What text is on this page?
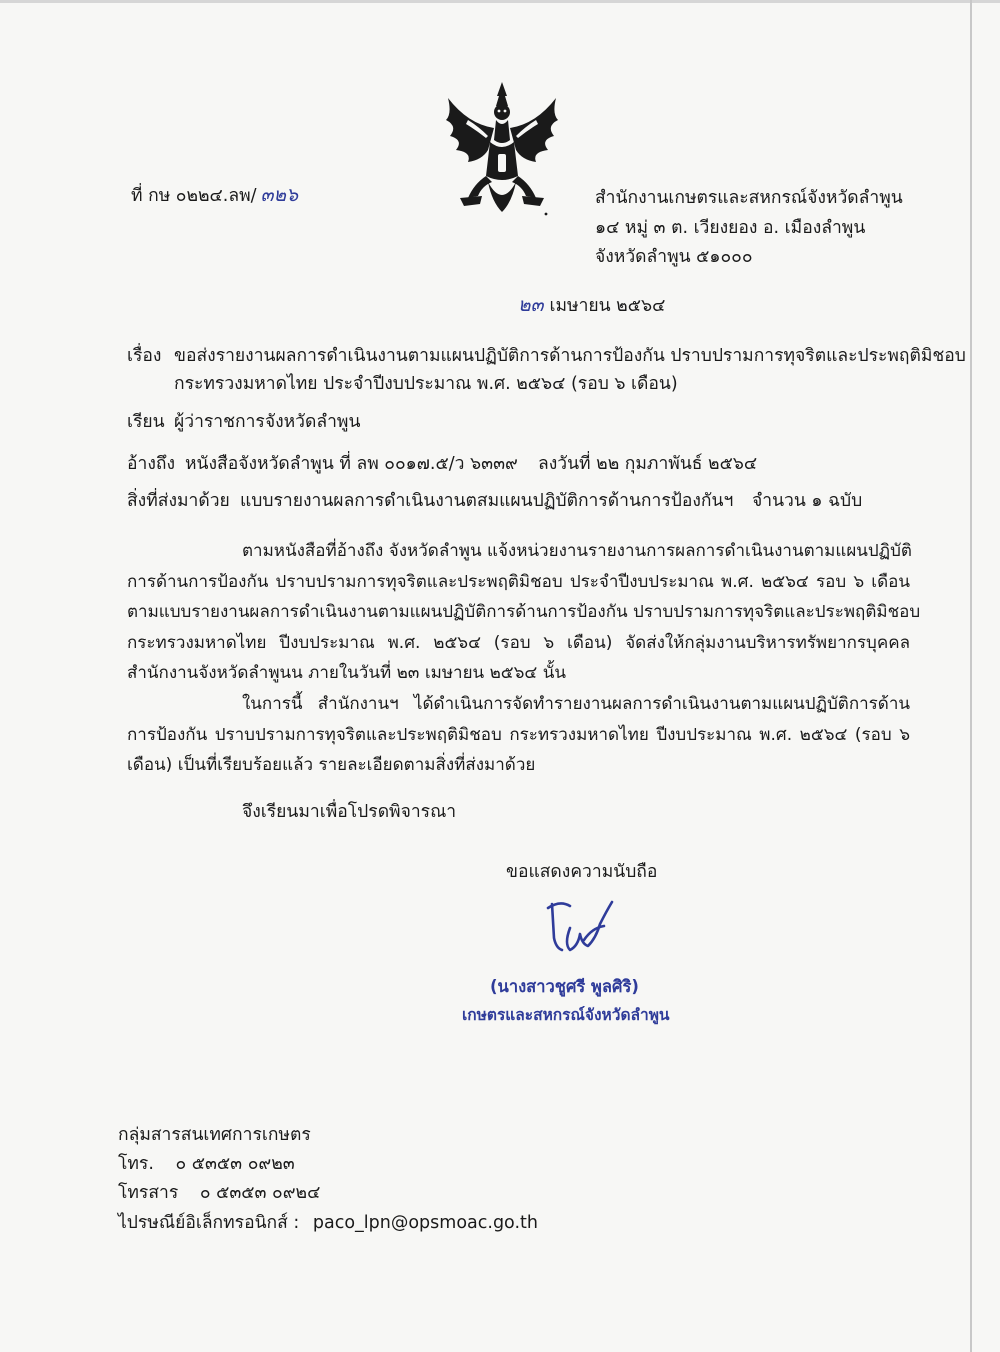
ที่ กษ ๐๒๒๔.ลพ/ ๓๒๖	สำนักงานเกษตรและสหกรณ์จังหวัดลำพูน
๑๔ หมู่ ๓ ต. เวียงยอง อ. เมืองลำพูน
จังหวัดลำพูน ๕๑๐๐๐
๒๓ เมษายน ๒๕๖๔
เรื่อง ขอส่งรายงานผลการดำเนินงานตามแผนปฏิบัติการด้านการป้องกัน ปราบปรามการทุจริตและประพฤติมิชอบ
กระทรวงมหาดไทย ประจำปีงบประมาณ พ.ศ. ๒๕๖๔ (รอบ ๖ เดือน)
เรียน ผู้ว่าราชการจังหวัดลำพูน
อ้างถึง หนังสือจังหวัดลำพูน ที่ ลพ ๐๐๑๗.๕/ว ๖๓๓๙ ลงวันที่ ๒๒ กุมภาพันธ์ ๒๕๖๔
สิ่งที่ส่งมาด้วย แบบรายงานผลการดำเนินงานตสมแผนปฏิบัติการด้านการป้องกันฯ จำนวน ๑ ฉบับ
ตามหนังสือที่อ้างถึง จังหวัดลำพูน แจ้งหน่วยงานรายงานการผลการดำเนินงานตามแผนปฏิบัติ
การด้านการป้องกัน ปราบปรามการทุจริตและประพฤติมิชอบ ประจำปีงบประมาณ พ.ศ. ๒๕๖๔ รอบ ๖ เดือน
ตามแบบรายงานผลการดำเนินงานตามแผนปฏิบัติการด้านการป้องกัน ปราบปรามการทุจริตและประพฤติมิชอบ
กระทรวงมหาดไทย ปีงบประมาณ พ.ศ. ๒๕๖๔ (รอบ ๖ เดือน) จัดส่งให้กลุ่มงานบริหารทรัพยากรบุคคล
สำนักงานจังหวัดลำพูนน ภายในวันที่ ๒๓ เมษายน ๒๕๖๔ นั้น
ในการนี้ สำนักงานฯ ได้ดำเนินการจัดทำรายงานผลการดำเนินงานตามแผนปฏิบัติการด้าน
การป้องกัน ปราบปรามการทุจริตและประพฤติมิชอบ กระทรวงมหาดไทย ปีงบประมาณ พ.ศ. ๒๕๖๔ (รอบ ๖
เดือน) เป็นที่เรียบร้อยแล้ว รายละเอียดตามสิ่งที่ส่งมาด้วย
จึงเรียนมาเพื่อโปรดพิจารณา
ขอแสดงความนับถือ
(นางสาวชูศรี พูลศิริ)
เกษตรและสหกรณ์จังหวัดลำพูน
กลุ่มสารสนเทศการเกษตร
โทร. ๐ ๕๓๕๓ ๐๙๒๓
โทรสาร ๐ ๕๓๕๓ ๐๙๒๔
ไปรษณีย์อิเล็กทรอนิกส์ : paco_lpn@opsmoac.go.th
